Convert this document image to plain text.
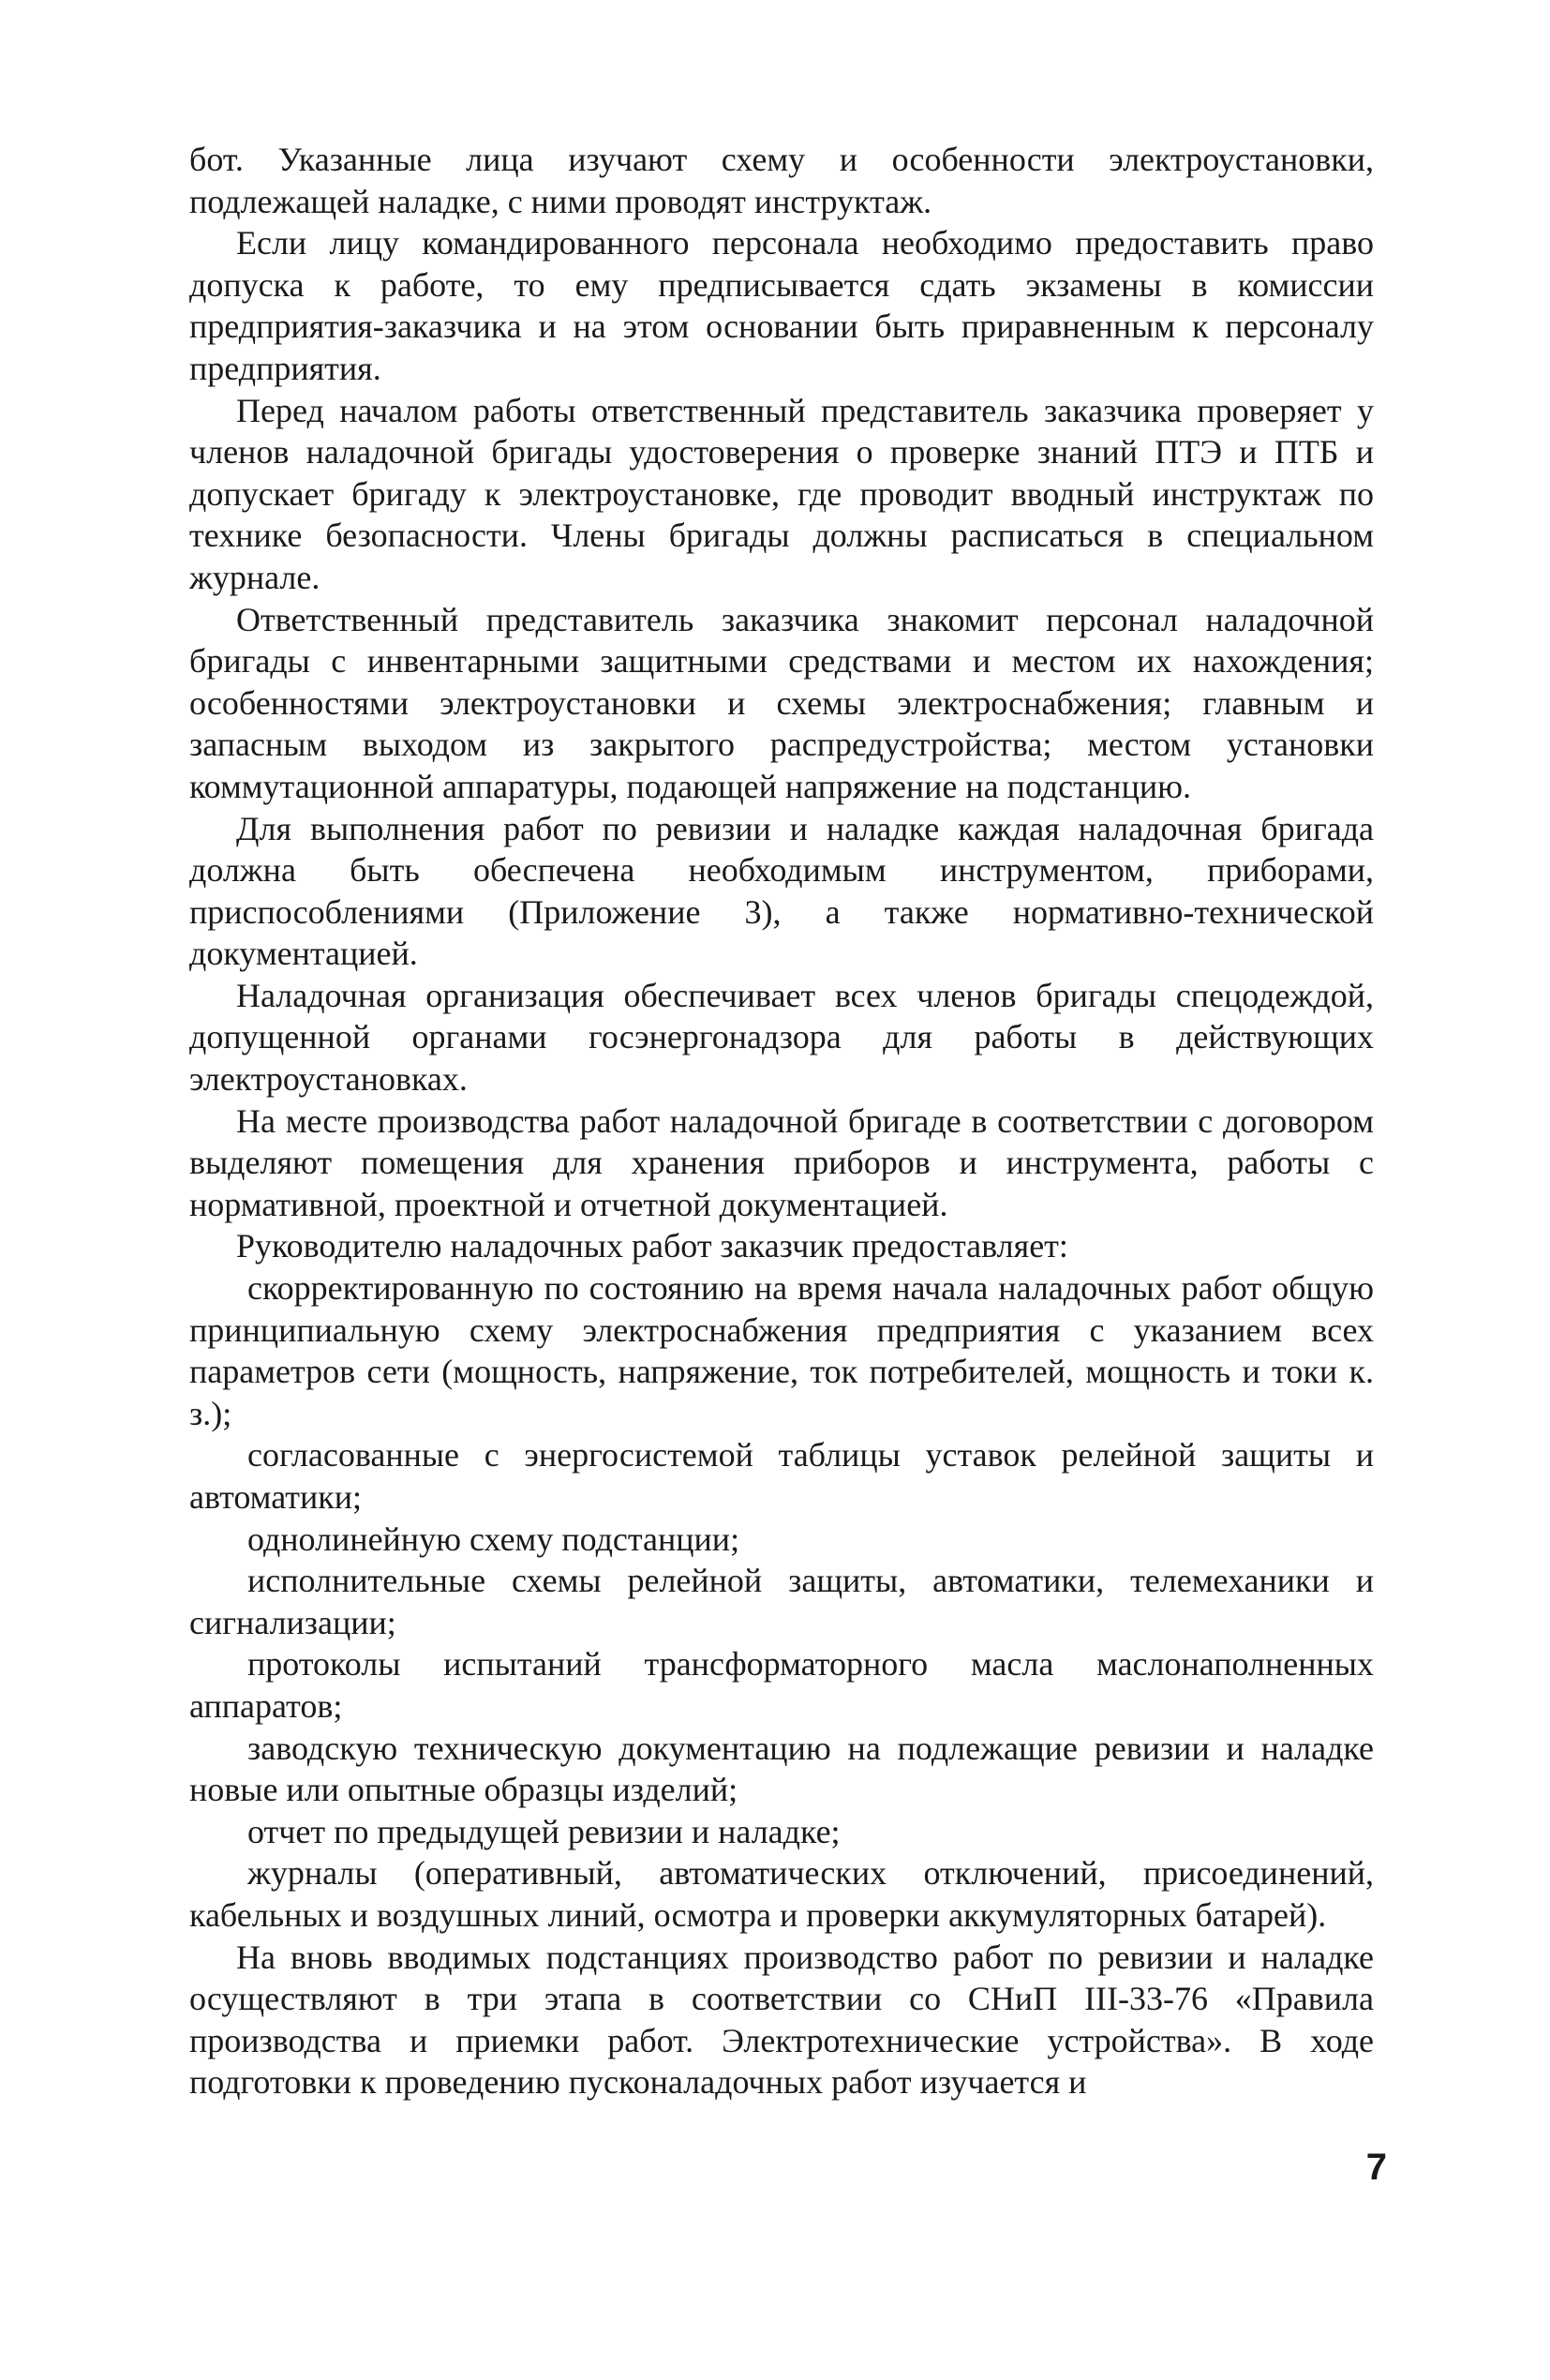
бот. Указанные лица изучают схему и особенности электроустановки, подлежащей наладке, с ними проводят инструктаж.

Если лицу командированного персонала необходимо предоставить право допуска к работе, то ему предписывается сдать экзамены в комиссии предприятия-заказчика и на этом основании быть приравненным к персоналу предприятия.

Перед началом работы ответственный представитель заказчика проверяет у членов наладочной бригады удостоверения о проверке знаний ПТЭ и ПТБ и допускает бригаду к электроустановке, где проводит вводный инструктаж по технике безопасности. Члены бригады должны расписаться в специальном журнале.

Ответственный представитель заказчика знакомит персонал наладочной бригады с инвентарными защитными средствами и местом их нахождения; особенностями электроустановки и схемы электроснабжения; главным и запасным выходом из закрытого распредустройства; местом установки коммутационной аппаратуры, подающей напряжение на подстанцию.

Для выполнения работ по ревизии и наладке каждая наладочная бригада должна быть обеспечена необходимым инструментом, приборами, приспособлениями (Приложение 3), а также нормативно-технической документацией.

Наладочная организация обеспечивает всех членов бригады спецодеждой, допущенной органами госэнергонадзора для работы в действующих электроустановках.

На месте производства работ наладочной бригаде в соответствии с договором выделяют помещения для хранения приборов и инструмента, работы с нормативной, проектной и отчетной документацией.

Руководителю наладочных работ заказчик предоставляет:

скорректированную по состоянию на время начала наладочных работ общую принципиальную схему электроснабжения предприятия с указанием всех параметров сети (мощность, напряжение, ток потребителей, мощность и токи к. з.);

согласованные с энергосистемой таблицы уставок релейной защиты и автоматики;

однолинейную схему подстанции;

исполнительные схемы релейной защиты, автоматики, телемеханики и сигнализации;

протоколы испытаний трансформаторного масла маслонаполненных аппаратов;

заводскую техническую документацию на подлежащие ревизии и наладке новые или опытные образцы изделий;

отчет по предыдущей ревизии и наладке;

журналы (оперативный, автоматических отключений, присоединений, кабельных и воздушных линий, осмотра и проверки аккумуляторных батарей).

На вновь вводимых подстанциях производство работ по ревизии и наладке осуществляют в три этапа в соответствии со СНиП III-33-76 «Правила производства и приемки работ. Электротехнические устройства». В ходе подготовки к проведению пусконаладочных работ изучается и

7
